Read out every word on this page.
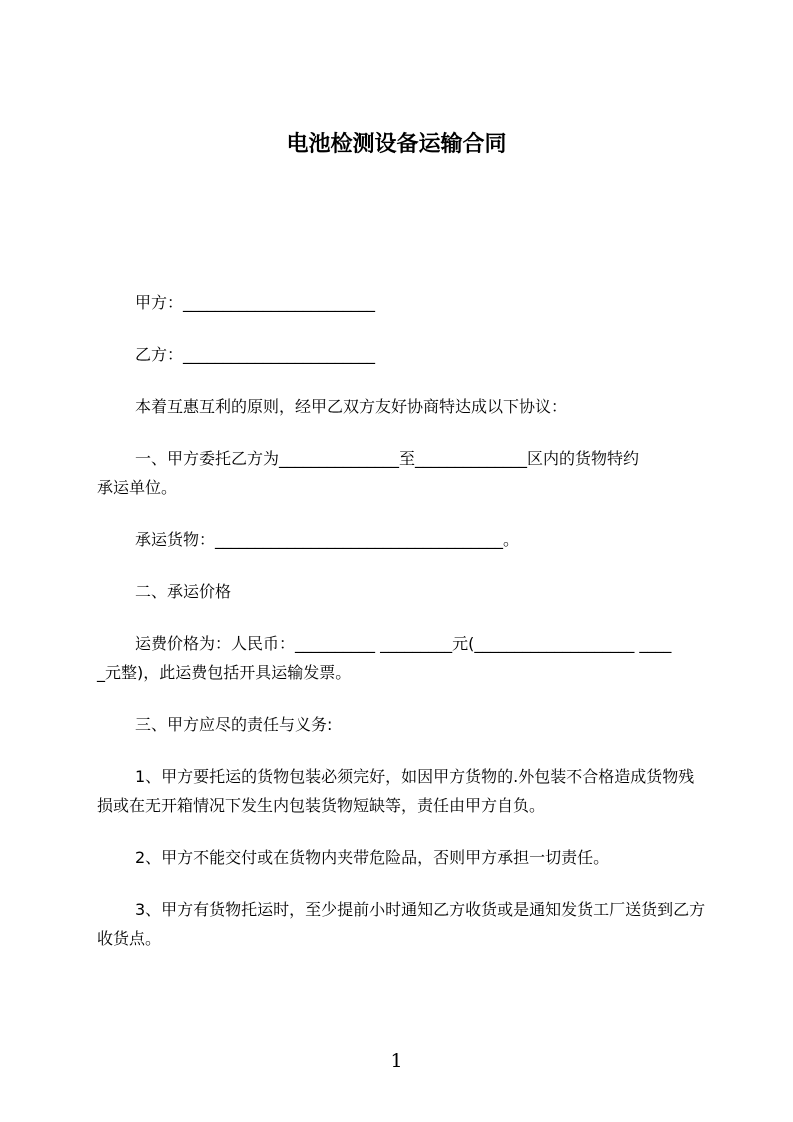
电池检测设备运输合同
甲方：________________________
乙方：________________________
本着互惠互利的原则，经甲乙双方友好协商特达成以下协议：
一、甲方委托乙方为_______________至______________区内的货物特约
承运单位。
承运货物：____________________________________。
二、承运价格
运费价格为：人民币：__________ _________元(____________________ ____
_元整)，此运费包括开具运输发票。
三、甲方应尽的责任与义务:
1、甲方要托运的货物包装必须完好，如因甲方货物的.外包装不合格造成货物残
损或在无开箱情况下发生内包装货物短缺等，责任由甲方自负。
2、甲方不能交付或在货物内夹带危险品，否则甲方承担一切责任。
3、甲方有货物托运时，至少提前小时通知乙方收货或是通知发货工厂送货到乙方
收货点。
1
